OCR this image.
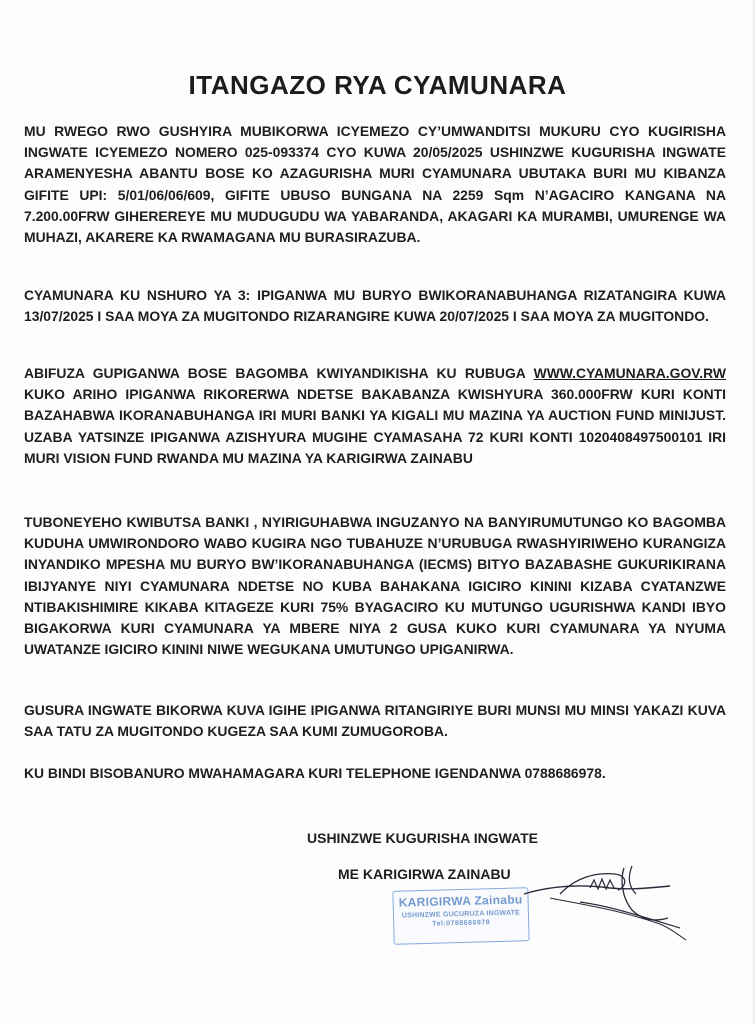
ITANGAZO RYA CYAMUNARA
MU RWEGO RWO GUSHYIRA MUBIKORWA ICYEMEZO CY’UMWANDITSI MUKURU CYO KUGIRISHA INGWATE ICYEMEZO NOMERO 025-093374 CYO KUWA 20/05/2025 USHINZWE KUGURISHA INGWATE ARAMENYESHA ABANTU BOSE KO AZAGURISHA MURI CYAMUNARA UBUTAKA BURI MU KIBANZA GIFITE UPI: 5/01/06/06/609, GIFITE UBUSO BUNGANA NA 2259 Sqm N’AGACIRO KANGANA NA 7.200.00FRW GIHEREREYE MU MUDUGUDU WA YABARANDA, AKAGARI KA MURAMBI, UMURENGE WA MUHAZI, AKARERE KA RWAMAGANA MU BURASIRAZUBA.
CYAMUNARA KU NSHURO YA 3: IPIGANWA MU BURYO BWIKORANABUHANGA RIZATANGIRA KUWA 13/07/2025 I SAA MOYA ZA MUGITONDO RIZARANGIRE KUWA 20/07/2025 I SAA MOYA ZA MUGITONDO.
ABIFUZA GUPIGANWA BOSE BAGOMBA KWIYANDIKISHA KU RUBUGA WWW.CYAMUNARA.GOV.RW KUKO ARIHO IPIGANWA RIKORERWA NDETSE BAKABANZA KWISHYURA 360.000FRW KURI KONTI BAZAHABWA IKORANABUHANGA IRI MURI BANKI YA KIGALI MU MAZINA YA AUCTION FUND MINIJUST. UZABA YATSINZE IPIGANWA AZISHYURA MUGIHE CYAMASAHA 72 KURI KONTI 1020408497500101 IRI MURI VISION FUND RWANDA MU MAZINA YA KARIGIRWA ZAINABU
TUBONEYEHO KWIBUTSA BANKI , NYIRIGUHABWA INGUZANYO NA BANYIRUMUTUNGO KO BAGOMBA KUDUHA UMWIRONDORO WABO KUGIRA NGO TUBAHUZE N’URUBUGA RWASHYIRIWEHO KURANGIZA INYANDIKO MPESHA MU BURYO BW’IKORANABUHANGA (IECMS) BITYO BAZABASHE GUKURIKIRANA IBIJYANYE NIYI CYAMUNARA NDETSE NO KUBA BAHAKANA IGICIRO KININI KIZABA CYATANZWE NTIBAKISHIMIRE KIKABA KITAGEZE KURI 75% BYAGACIRO KU MUTUNGO UGURISHWA KANDI IBYO BIGAKORWA KURI CYAMUNARA YA MBERE NIYA 2 GUSA KUKO KURI CYAMUNARA YA NYUMA UWATANZE IGICIRO KININI NIWE WEGUKANA UMUTUNGO UPIGANIRWA.
GUSURA INGWATE BIKORWA KUVA IGIHE IPIGANWA RITANGIRIYE BURI MUNSI MU MINSI YAKAZI KUVA SAA TATU ZA MUGITONDO KUGEZA SAA KUMI ZUMUGOROBA.
KU BINDI BISOBANURO MWAHAMAGARA KURI TELEPHONE IGENDANWA 0788686978.
USHINZWE KUGURISHA INGWATE
ME KARIGIRWA ZAINABU
KARIGIRWA Zainabu
USHINZWE GUCURUZA INGWATE
Tel:0788686978
